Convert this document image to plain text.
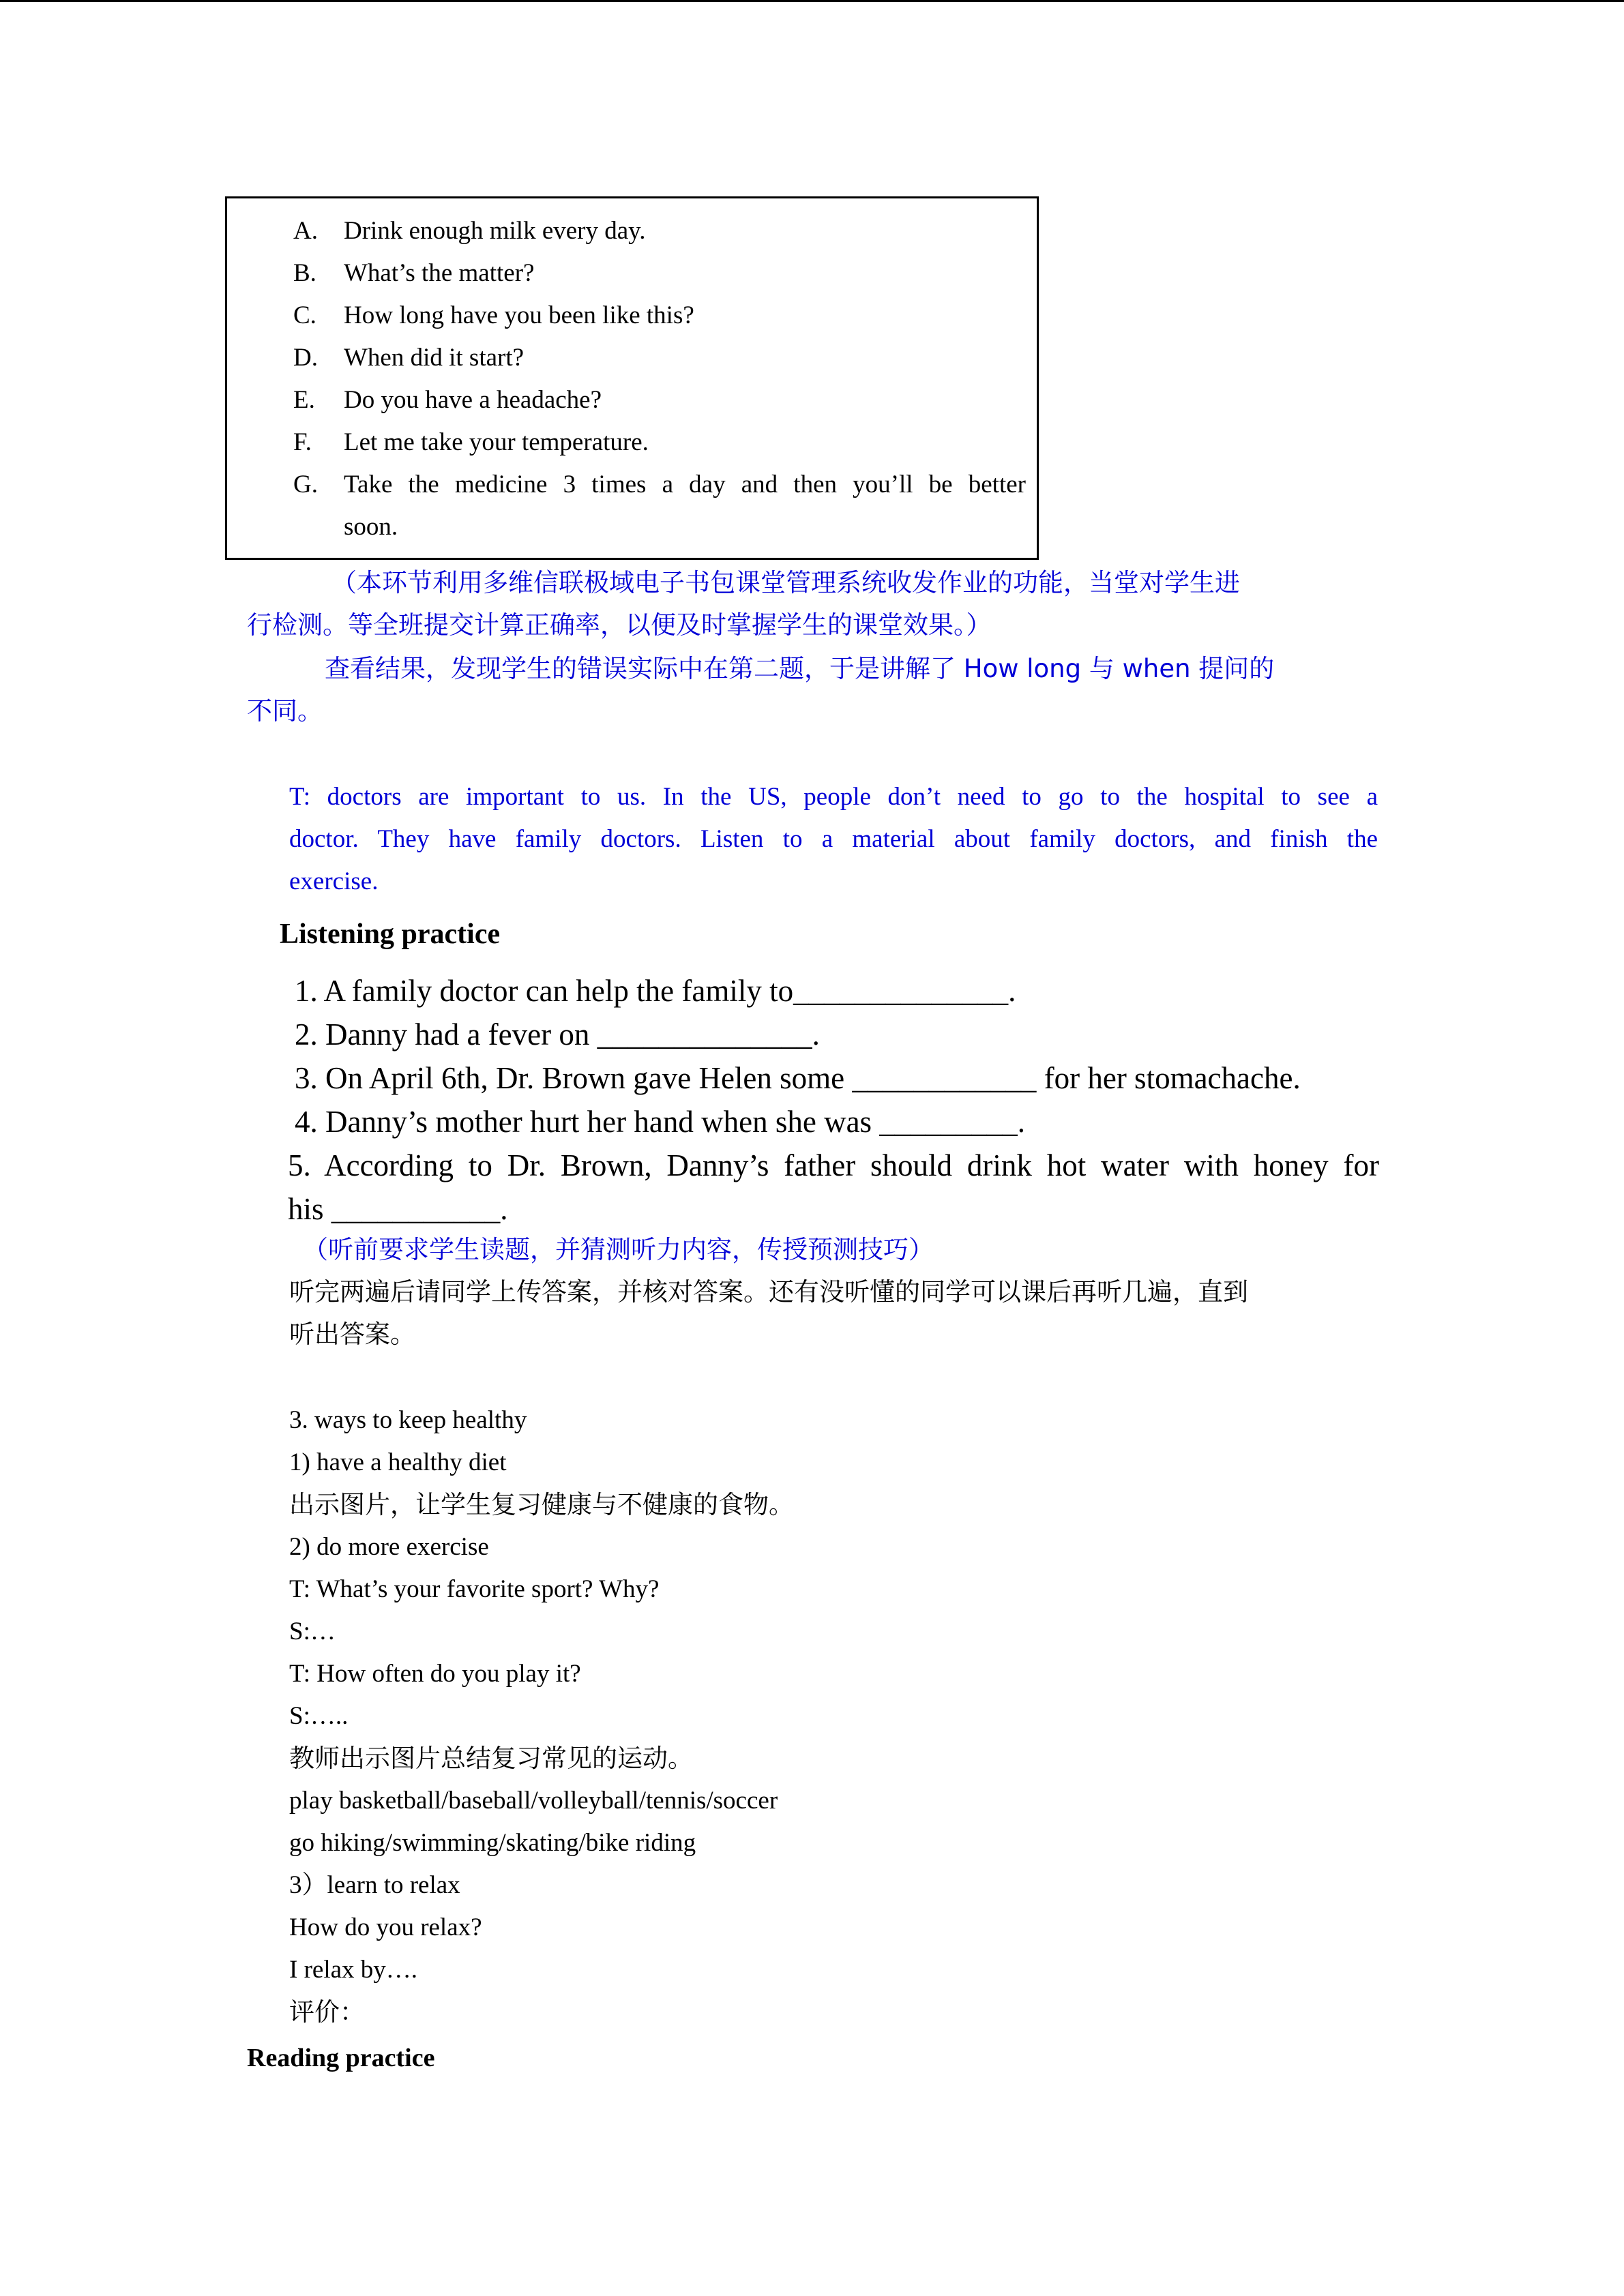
A. Drink enough milk every day.
B. What’s the matter?
C. How long have you been like this?
D. When did it start?
E. Do you have a headache?
F. Let me take your temperature.
G. Take the medicine 3 times a day and then you’ll be better
soon.
（本环节利用多维信联极域电子书包课堂管理系统收发作业的功能，当堂对学生进
行检测。等全班提交计算正确率，以便及时掌握学生的课堂效果。）
查看结果，发现学生的错误实际中在第二题，于是讲解了 How long 与 when 提问的
不同。
T: doctors are important to us. In the US, people don’t need to go to the hospital to see a
doctor. They have family doctors. Listen to a material about family doctors, and finish the
exercise.
Listening practice
1. A family doctor can help the family to______________.
2. Danny had a fever on ______________.
3. On April 6th, Dr. Brown gave Helen some ____________ for her stomachache.
4. Danny’s mother hurt her hand when she was _________.
5. According to Dr. Brown, Danny’s father should drink hot water with honey for
his ___________.
（听前要求学生读题，并猜测听力内容，传授预测技巧）
听完两遍后请同学上传答案，并核对答案。还有没听懂的同学可以课后再听几遍，直到
听出答案。
3. ways to keep healthy
1) have a healthy diet
出示图片，让学生复习健康与不健康的食物。
2) do more exercise
T: What’s your favorite sport? Why?
S:…
T: How often do you play it?
S:…..
教师出示图片总结复习常见的运动。
play basketball/baseball/volleyball/tennis/soccer
go hiking/swimming/skating/bike riding
3）learn to relax
How do you relax?
I relax by….
评价：
Reading practice
